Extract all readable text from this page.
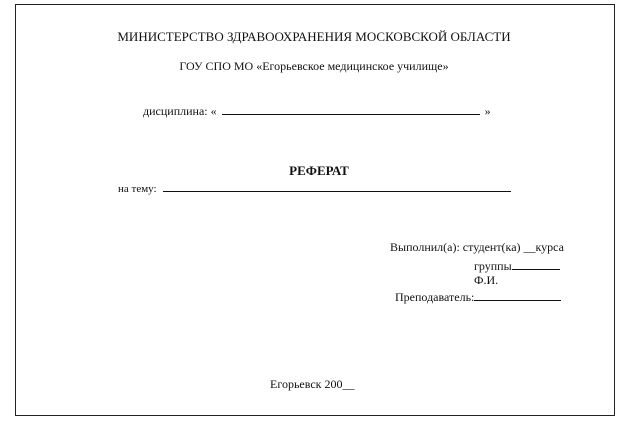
МИНИСТЕРСТВО ЗДРАВООХРАНЕНИЯ МОСКОВСКОЙ ОБЛАСТИ
ГОУ СПО МО «Егорьевское медицинское училище»
дисциплина: «	»
РЕФЕРАТ
на тему:
Выполнил(а): студент(ка) __курса
группы
Ф.И.
Преподаватель:
Егорьевск 200__
